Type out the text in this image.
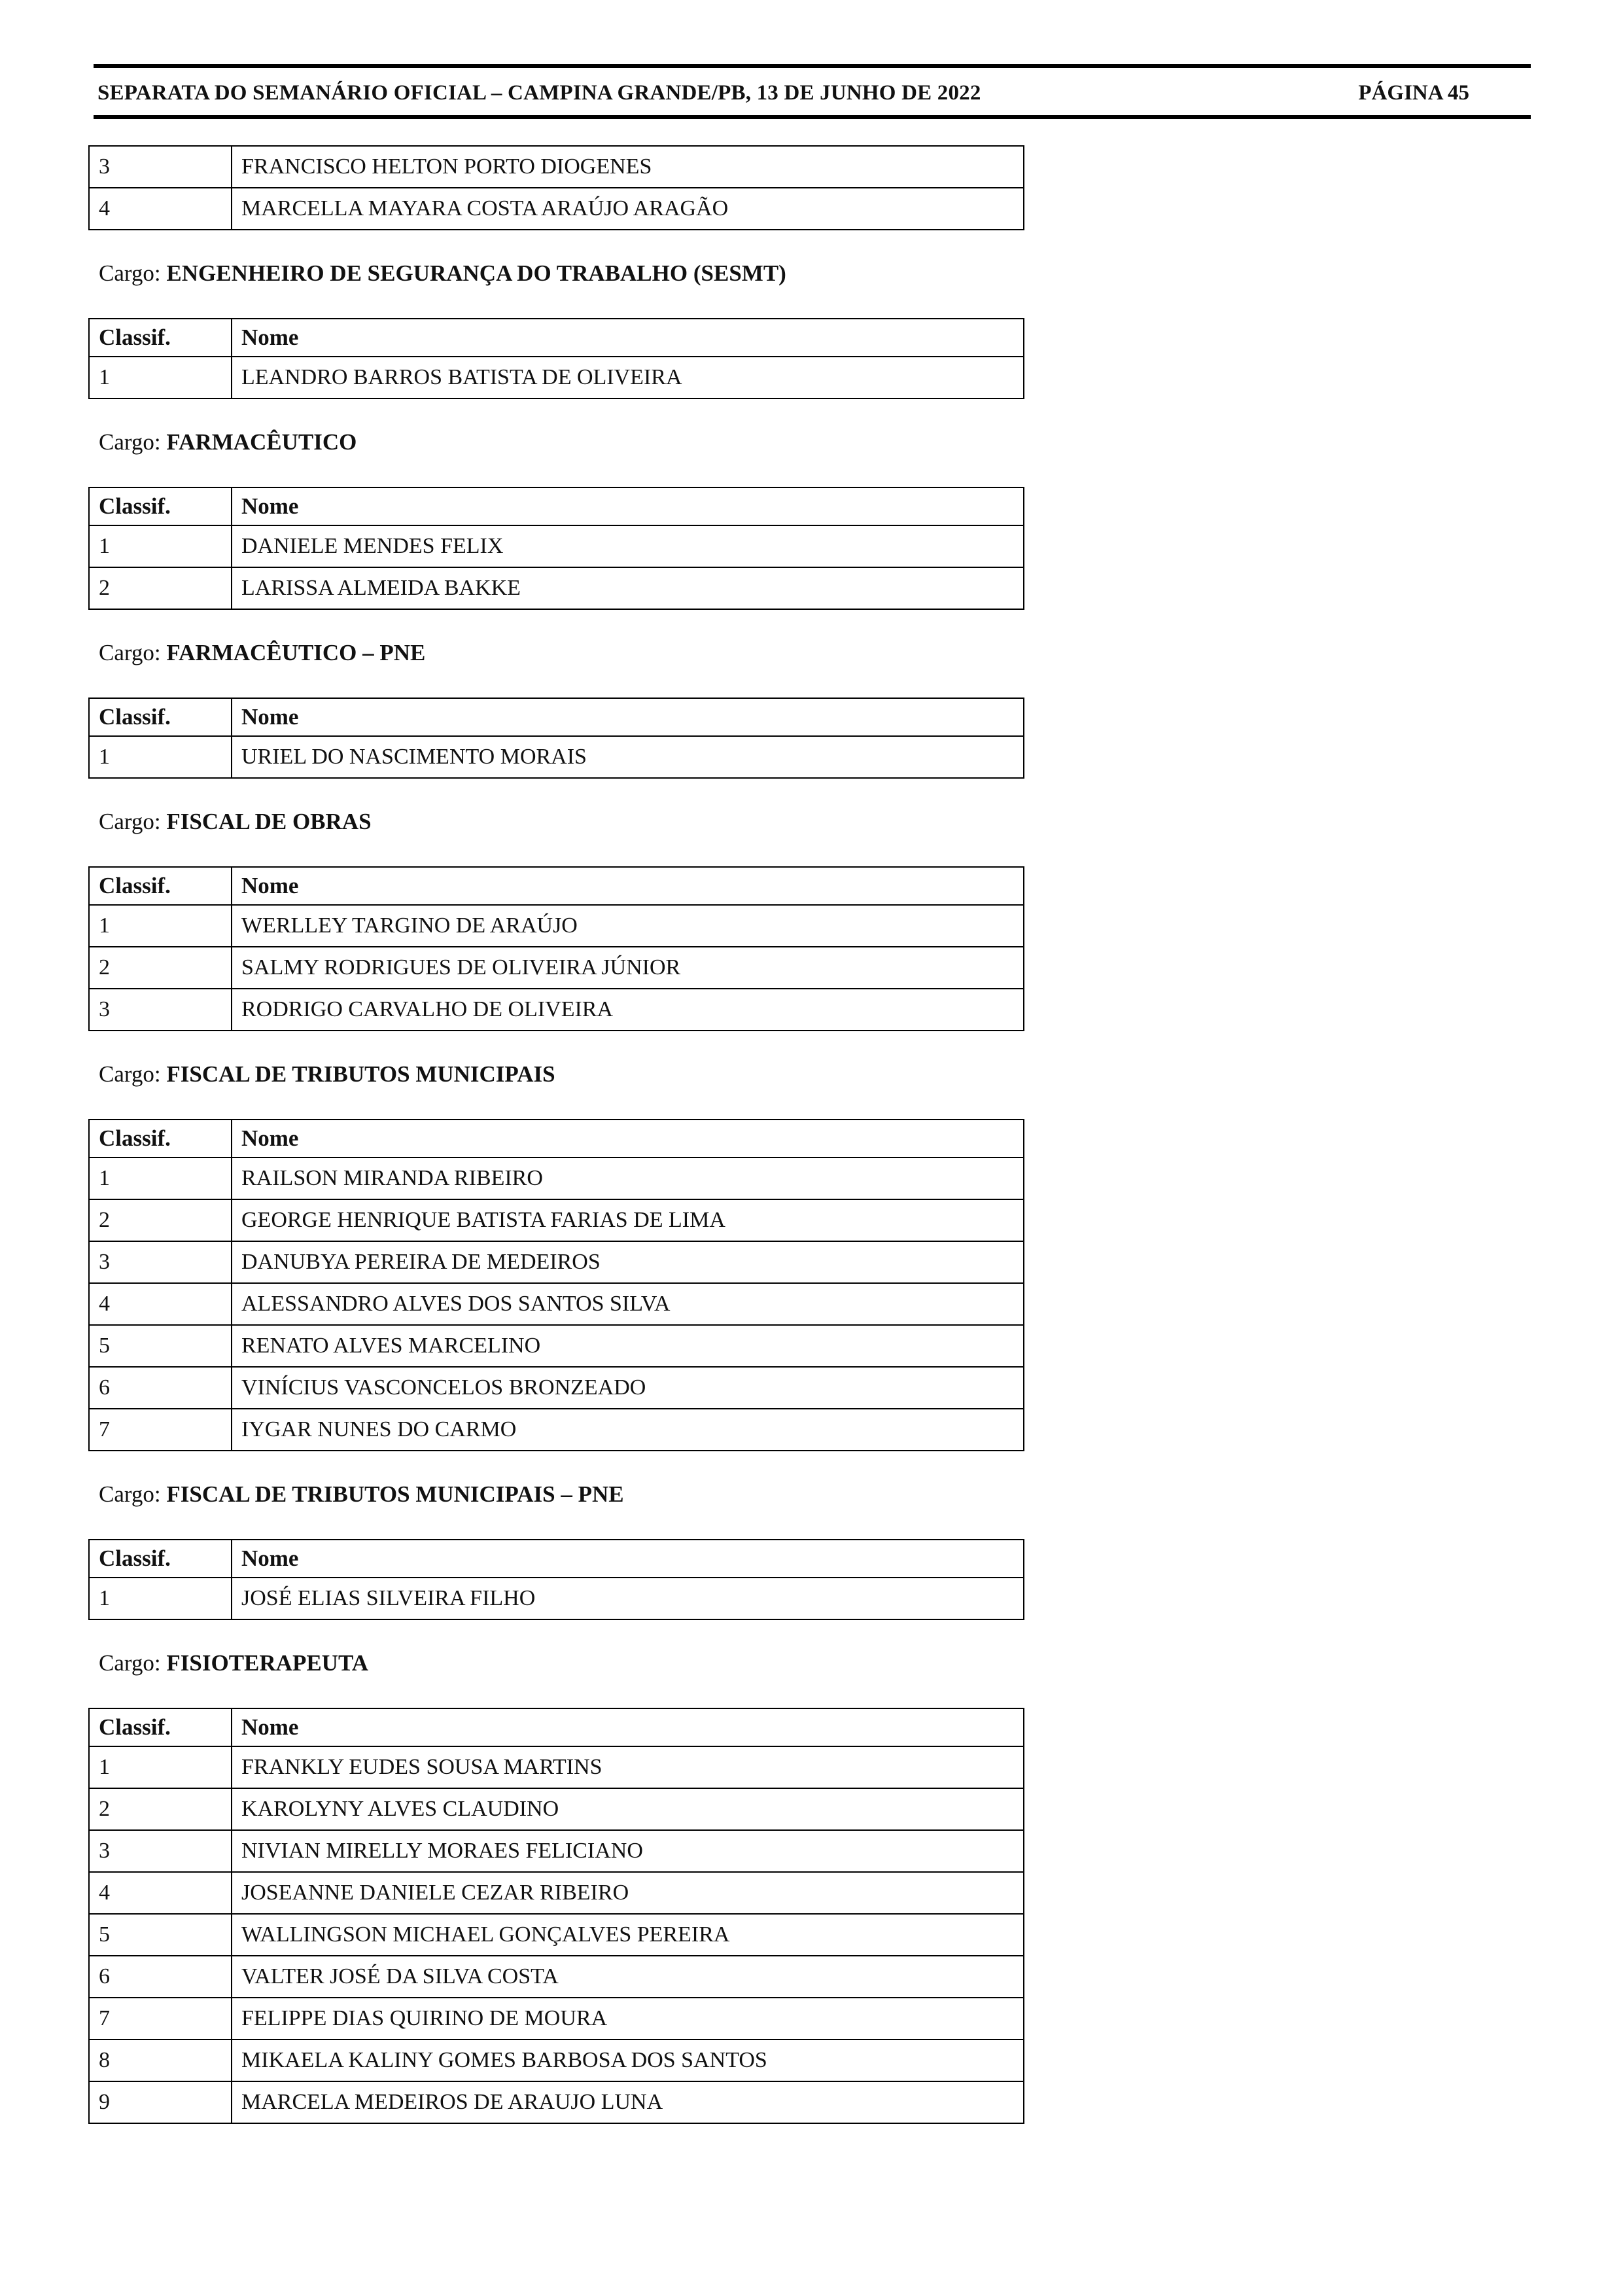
SEPARATA DO SEMANÁRIO OFICIAL – CAMPINA GRANDE/PB, 13 DE JUNHO DE 2022	PÁGINA 45
3	FRANCISCO HELTON PORTO DIOGENES
4	MARCELLA MAYARA COSTA ARAÚJO ARAGÃO
Cargo: ENGENHEIRO DE SEGURANÇA DO TRABALHO (SESMT)
Classif.	Nome
1	LEANDRO BARROS BATISTA DE OLIVEIRA
Cargo: FARMACÊUTICO
Classif.	Nome
1	DANIELE MENDES FELIX
2	LARISSA ALMEIDA BAKKE
Cargo: FARMACÊUTICO – PNE
Classif.	Nome
1	URIEL DO NASCIMENTO MORAIS
Cargo: FISCAL DE OBRAS
Classif.	Nome
1	WERLLEY TARGINO DE ARAÚJO
2	SALMY RODRIGUES DE OLIVEIRA JÚNIOR
3	RODRIGO CARVALHO DE OLIVEIRA
Cargo: FISCAL DE TRIBUTOS MUNICIPAIS
Classif.	Nome
1	RAILSON MIRANDA RIBEIRO
2	GEORGE HENRIQUE BATISTA FARIAS DE LIMA
3	DANUBYA PEREIRA DE MEDEIROS
4	ALESSANDRO ALVES DOS SANTOS SILVA
5	RENATO ALVES MARCELINO
6	VINÍCIUS VASCONCELOS BRONZEADO
7	IYGAR NUNES DO CARMO
Cargo: FISCAL DE TRIBUTOS MUNICIPAIS – PNE
Classif.	Nome
1	JOSÉ ELIAS SILVEIRA FILHO
Cargo: FISIOTERAPEUTA
Classif.	Nome
1	FRANKLY EUDES SOUSA MARTINS
2	KAROLYNY ALVES CLAUDINO
3	NIVIAN MIRELLY MORAES FELICIANO
4	JOSEANNE DANIELE CEZAR RIBEIRO
5	WALLINGSON MICHAEL GONÇALVES PEREIRA
6	VALTER JOSÉ DA SILVA COSTA
7	FELIPPE DIAS QUIRINO DE MOURA
8	MIKAELA KALINY GOMES BARBOSA DOS SANTOS
9	MARCELA MEDEIROS DE ARAUJO LUNA
